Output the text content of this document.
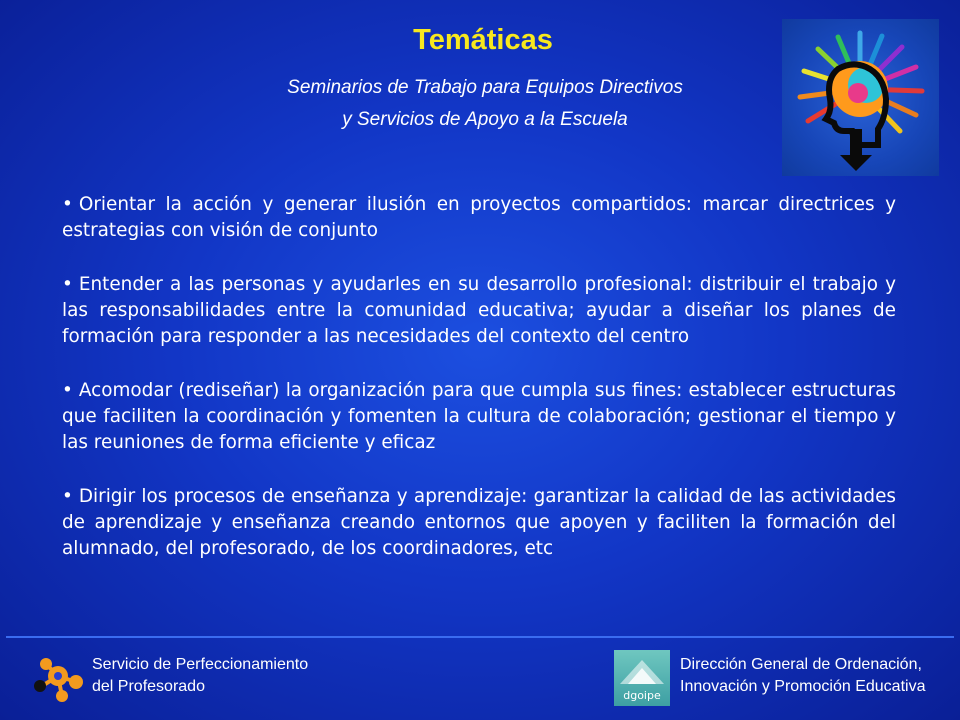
Temáticas
Seminarios de Trabajo para Equipos Directivos
y Servicios de Apoyo a la Escuela

• Orientar la acción y generar ilusión en proyectos compartidos: marcar directrices y estrategias con visión de conjunto

• Entender a las personas y ayudarles en su desarrollo profesional: distribuir el trabajo y las responsabilidades entre la comunidad educativa; ayudar a diseñar los planes de formación para responder a las necesidades del contexto del centro

• Acomodar (rediseñar) la organización para que cumpla sus fines: establecer estructuras que faciliten la coordinación y fomenten la cultura de colaboración; gestionar el tiempo y las reuniones de forma eficiente y eficaz

• Dirigir los procesos de enseñanza y aprendizaje: garantizar la calidad de las actividades de aprendizaje y enseñanza creando entornos que apoyen y faciliten la formación del alumnado, del profesorado, de los coordinadores, etc

Servicio de Perfeccionamiento
del Profesorado
dgoipe
Dirección General de Ordenación,
Innovación y Promoción Educativa
